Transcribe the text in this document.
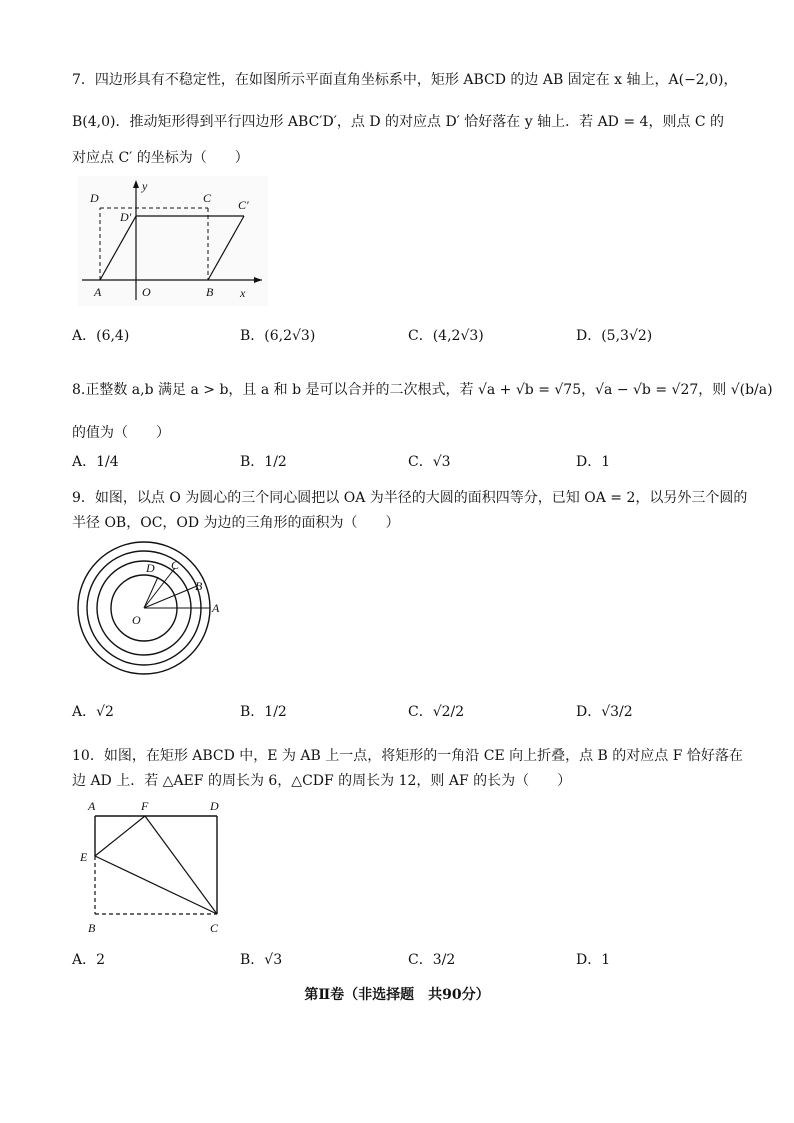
7．四边形具有不稳定性，在如图所示平面直角坐标系中，矩形 ABCD 的边 AB 固定在 x 轴上，A(−2,0)，
B(4,0)．推动矩形得到平行四边形 ABC′D′，点 D 的对应点 D′ 恰好落在 y 轴上．若 AD = 4，则点 C 的
对应点 C′ 的坐标为（　　）
D
D′
C C′
y
A	O	B x
A．(6,4)	B．(6,2√3)	C．(4,2√3)	D．(5,3√2)
8.正整数 a,b 满足 a > b，且 a 和 b 是可以合并的二次根式，若 √a + √b = √75，√a − √b = √27，则 √(b/a)
的值为（　　）
A．1/4	B．1/2	C．√3	D．1
9．如图，以点 O 为圆心的三个同心圆把以 OA 为半径的大圆的面积四等分，已知 OA = 2，以另外三个圆的
半径 OB，OC，OD 为边的三角形的面积为（　　）
D C
B
A
O
A．√2	B．1/2	C．√2/2	D．√3/2
10．如图，在矩形 ABCD 中，E 为 AB 上一点，将矩形的一角沿 CE 向上折叠，点 B 的对应点 F 恰好落在
边 AD 上．若 △AEF 的周长为 6，△CDF 的周长为 12，则 AF 的长为（　　）
A	F	D
E
B	C
A．2	B．√3	C．3/2	D．1
第Ⅱ卷（非选择题　共90分）
